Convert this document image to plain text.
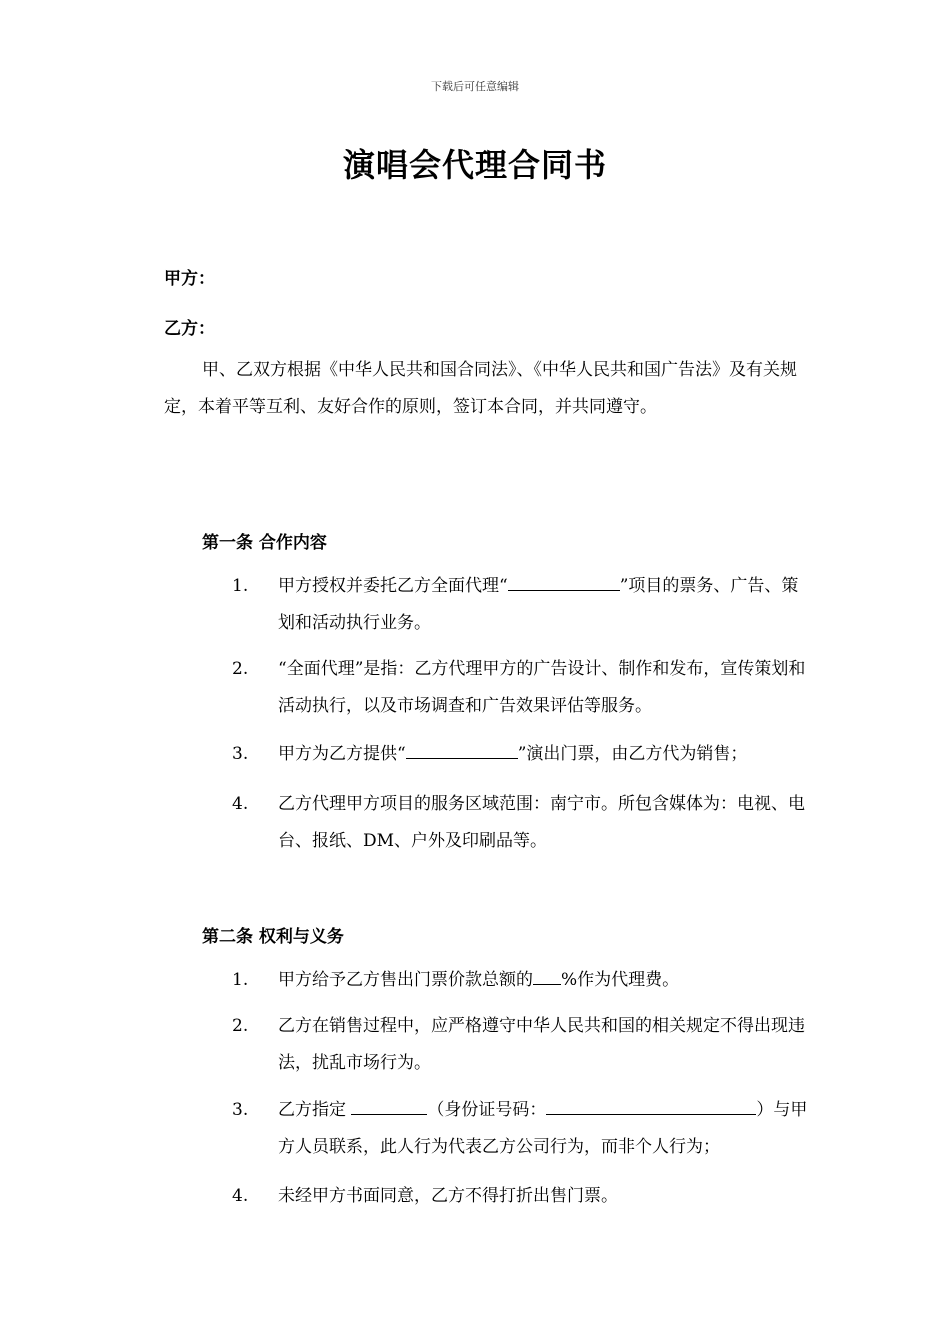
下载后可任意编辑
演唱会代理合同书
甲方：
乙方：
甲、乙双方根据《中华人民共和国合同法》、《中华人民共和国广告法》及有关规定，本着平等互利、友好合作的原则，签订本合同，并共同遵守。
第一条 合作内容
1.	甲方授权并委托乙方全面代理“	”项目的票务、广告、策划和活动执行业务。
2.	“全面代理”是指：乙方代理甲方的广告设计、制作和发布，宣传策划和活动执行，以及市场调查和广告效果评估等服务。
3.	甲方为乙方提供“	”演出门票，由乙方代为销售；
4.	乙方代理甲方项目的服务区域范围：南宁市。所包含媒体为：电视、电台、报纸、DM、户外及印刷品等。
第二条 权利与义务
1.	甲方给予乙方售出门票价款总额的 %作为代理费。
2.	乙方在销售过程中，应严格遵守中华人民共和国的相关规定不得出现违法，扰乱市场行为。
3.	乙方指定	（身份证号码：	）与甲方人员联系，此人行为代表乙方公司行为，而非个人行为；
4.	未经甲方书面同意，乙方不得打折出售门票。
